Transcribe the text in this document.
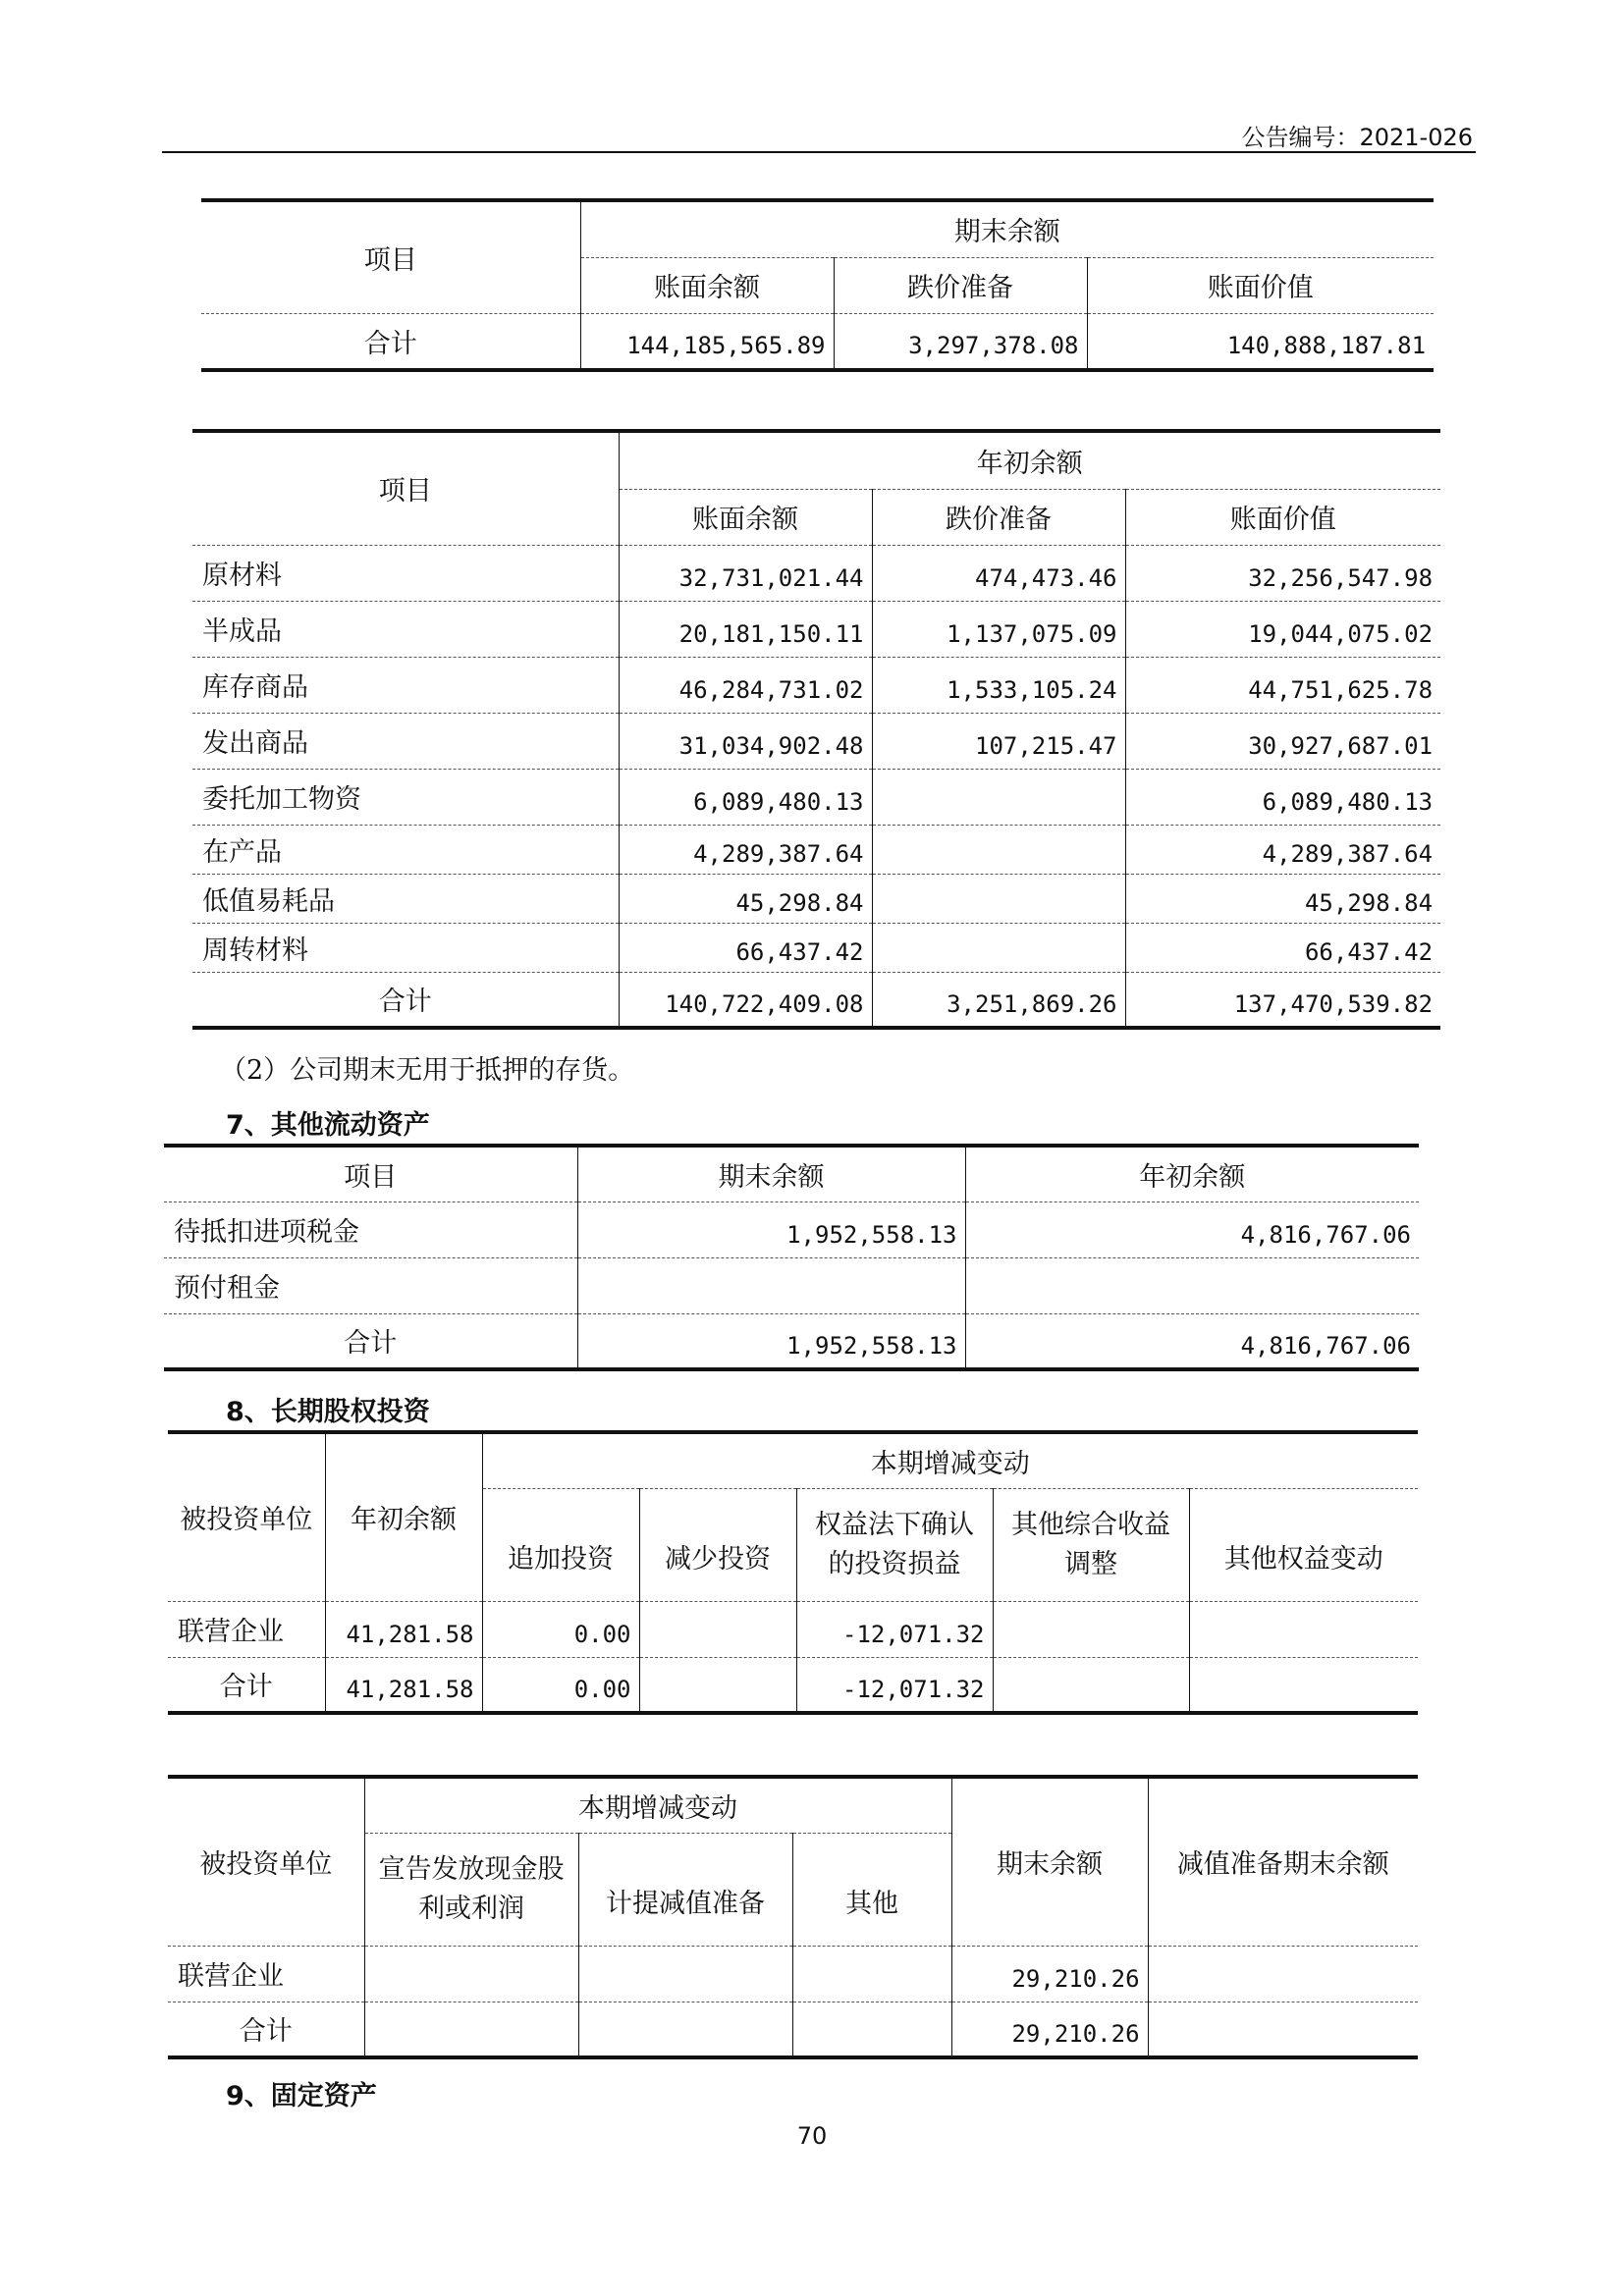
公告编号：2021-026
项目	期末余额		
	账面余额	跌价准备	账面价值
合计	144,185,565.89	3,297,378.08	140,888,187.81
项目	年初余额		
	账面余额	跌价准备	账面价值
原材料	32,731,021.44	474,473.46	32,256,547.98
半成品	20,181,150.11	1,137,075.09	19,044,075.02
库存商品	46,284,731.02	1,533,105.24	44,751,625.78
发出商品	31,034,902.48	107,215.47	30,927,687.01
委托加工物资	6,089,480.13		6,089,480.13
在产品	4,289,387.64		4,289,387.64
低值易耗品	45,298.84		45,298.84
周转材料	66,437.42		66,437.42
合计	140,722,409.08	3,251,869.26	137,470,539.82
（2）公司期末无用于抵押的存货。
7、其他流动资产
项目	期末余额	年初余额
待抵扣进项税金	1,952,558.13	4,816,767.06
预付租金		
合计	1,952,558.13	4,816,767.06
8、长期股权投资
被投资单位	年初余额	本期增减变动				
		追加投资	减少投资	权益法下确认的投资损益	其他综合收益调整	其他权益变动
联营企业	41,281.58	0.00		-12,071.32		
合计	41,281.58	0.00		-12,071.32		
被投资单位	本期增减变动			期末余额	减值准备期末余额
	宣告发放现金股利或利润	计提减值准备	其他		
联营企业				29,210.26	
合计				29,210.26	
9、固定资产
70
